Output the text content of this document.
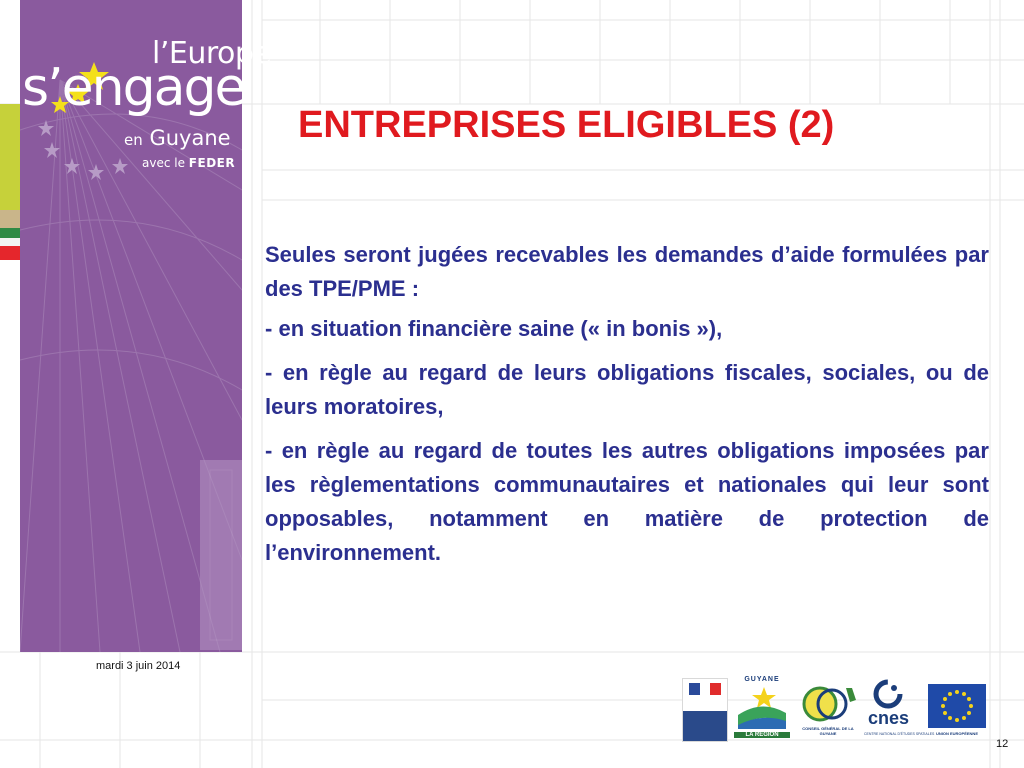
l’Europe
s’engage
en Guyane
avec le FEDER
ENTREPRISES ELIGIBLES (2)

Seules seront jugées recevables les demandes d’aide formulées par des TPE/PME :

- en situation financière saine (« in bonis »),

- en règle au regard de leurs obligations fiscales, sociales, ou de leurs moratoires,

- en règle au regard de toutes les autres obligations imposées par les règlementations communautaires et nationales qui leur sont opposables, notamment en matière de protection de l’environnement.

mardi 3 juin 2014
12
GUYANE
LA RÉGION
CONSEIL GÉNÉRAL DE LA GUYANE
cnes
CENTRE NATIONAL D'ÉTUDES SPATIALES UNION EUROPÉENNE
